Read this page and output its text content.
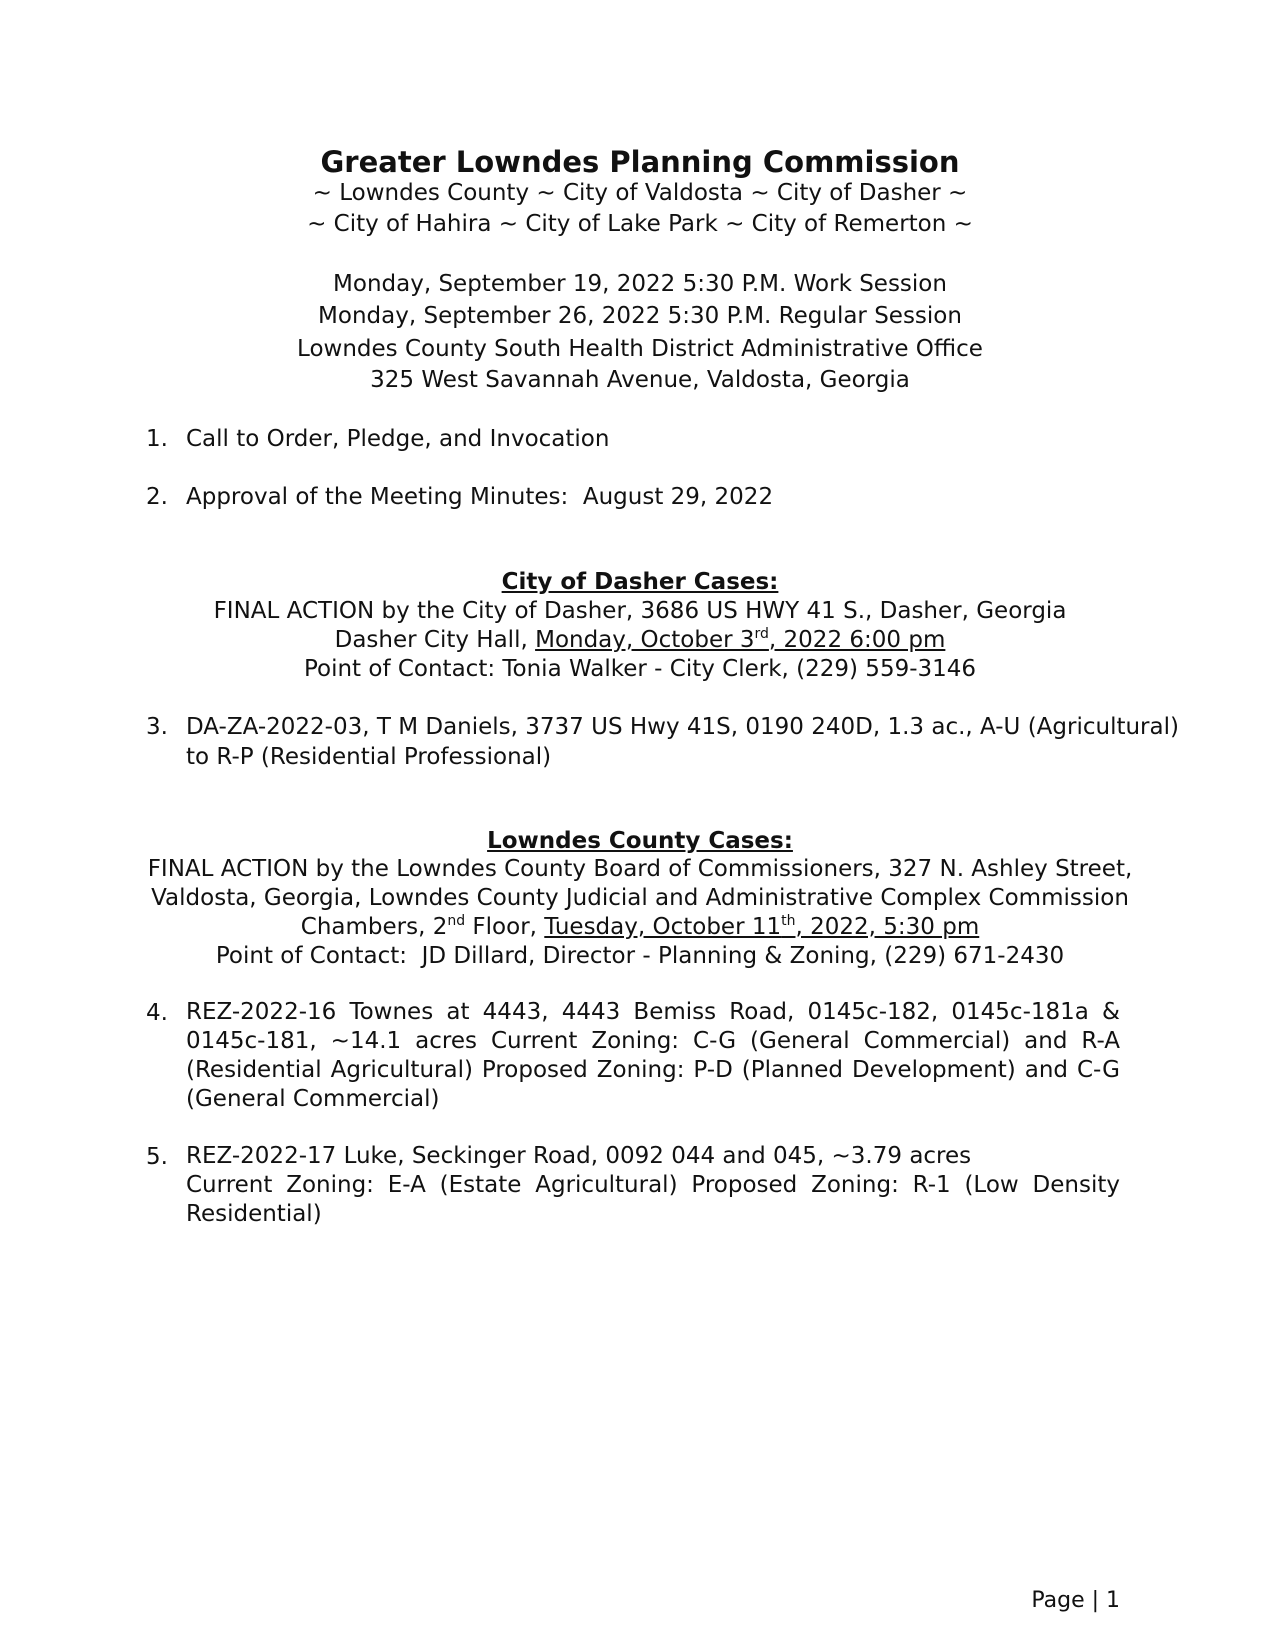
Greater Lowndes Planning Commission
~ Lowndes County ~ City of Valdosta ~ City of Dasher ~
~ City of Hahira ~ City of Lake Park ~ City of Remerton ~
Monday, September 19, 2022 5:30 P.M. Work Session
Monday, September 26, 2022 5:30 P.M. Regular Session
Lowndes County South Health District Administrative Office
325 West Savannah Avenue, Valdosta, Georgia
1. Call to Order, Pledge, and Invocation
2. Approval of the Meeting Minutes:  August 29, 2022
City of Dasher Cases:
FINAL ACTION by the City of Dasher, 3686 US HWY 41 S., Dasher, Georgia
Dasher City Hall, Monday, October 3rd, 2022 6:00 pm
Point of Contact: Tonia Walker - City Clerk, (229) 559-3146
3. DA-ZA-2022-03, T M Daniels, 3737 US Hwy 41S, 0190 240D, 1.3 ac., A-U (Agricultural)
to R-P (Residential Professional)
Lowndes County Cases:
FINAL ACTION by the Lowndes County Board of Commissioners, 327 N. Ashley Street,
Valdosta, Georgia, Lowndes County Judicial and Administrative Complex Commission
Chambers, 2nd Floor, Tuesday, October 11th, 2022, 5:30 pm
Point of Contact:  JD Dillard, Director - Planning & Zoning, (229) 671-2430
4. REZ-2022-16 Townes at 4443, 4443 Bemiss Road, 0145c-182, 0145c-181a & 0145c-181, ~14.1 acres Current Zoning: C-G (General Commercial) and R-A (Residential Agricultural) Proposed Zoning: P-D (Planned Development) and C-G (General Commercial)
5. REZ-2022-17 Luke, Seckinger Road, 0092 044 and 045, ~3.79 acres
Current Zoning: E-A (Estate Agricultural) Proposed Zoning: R-1 (Low Density Residential)
Page | 1
